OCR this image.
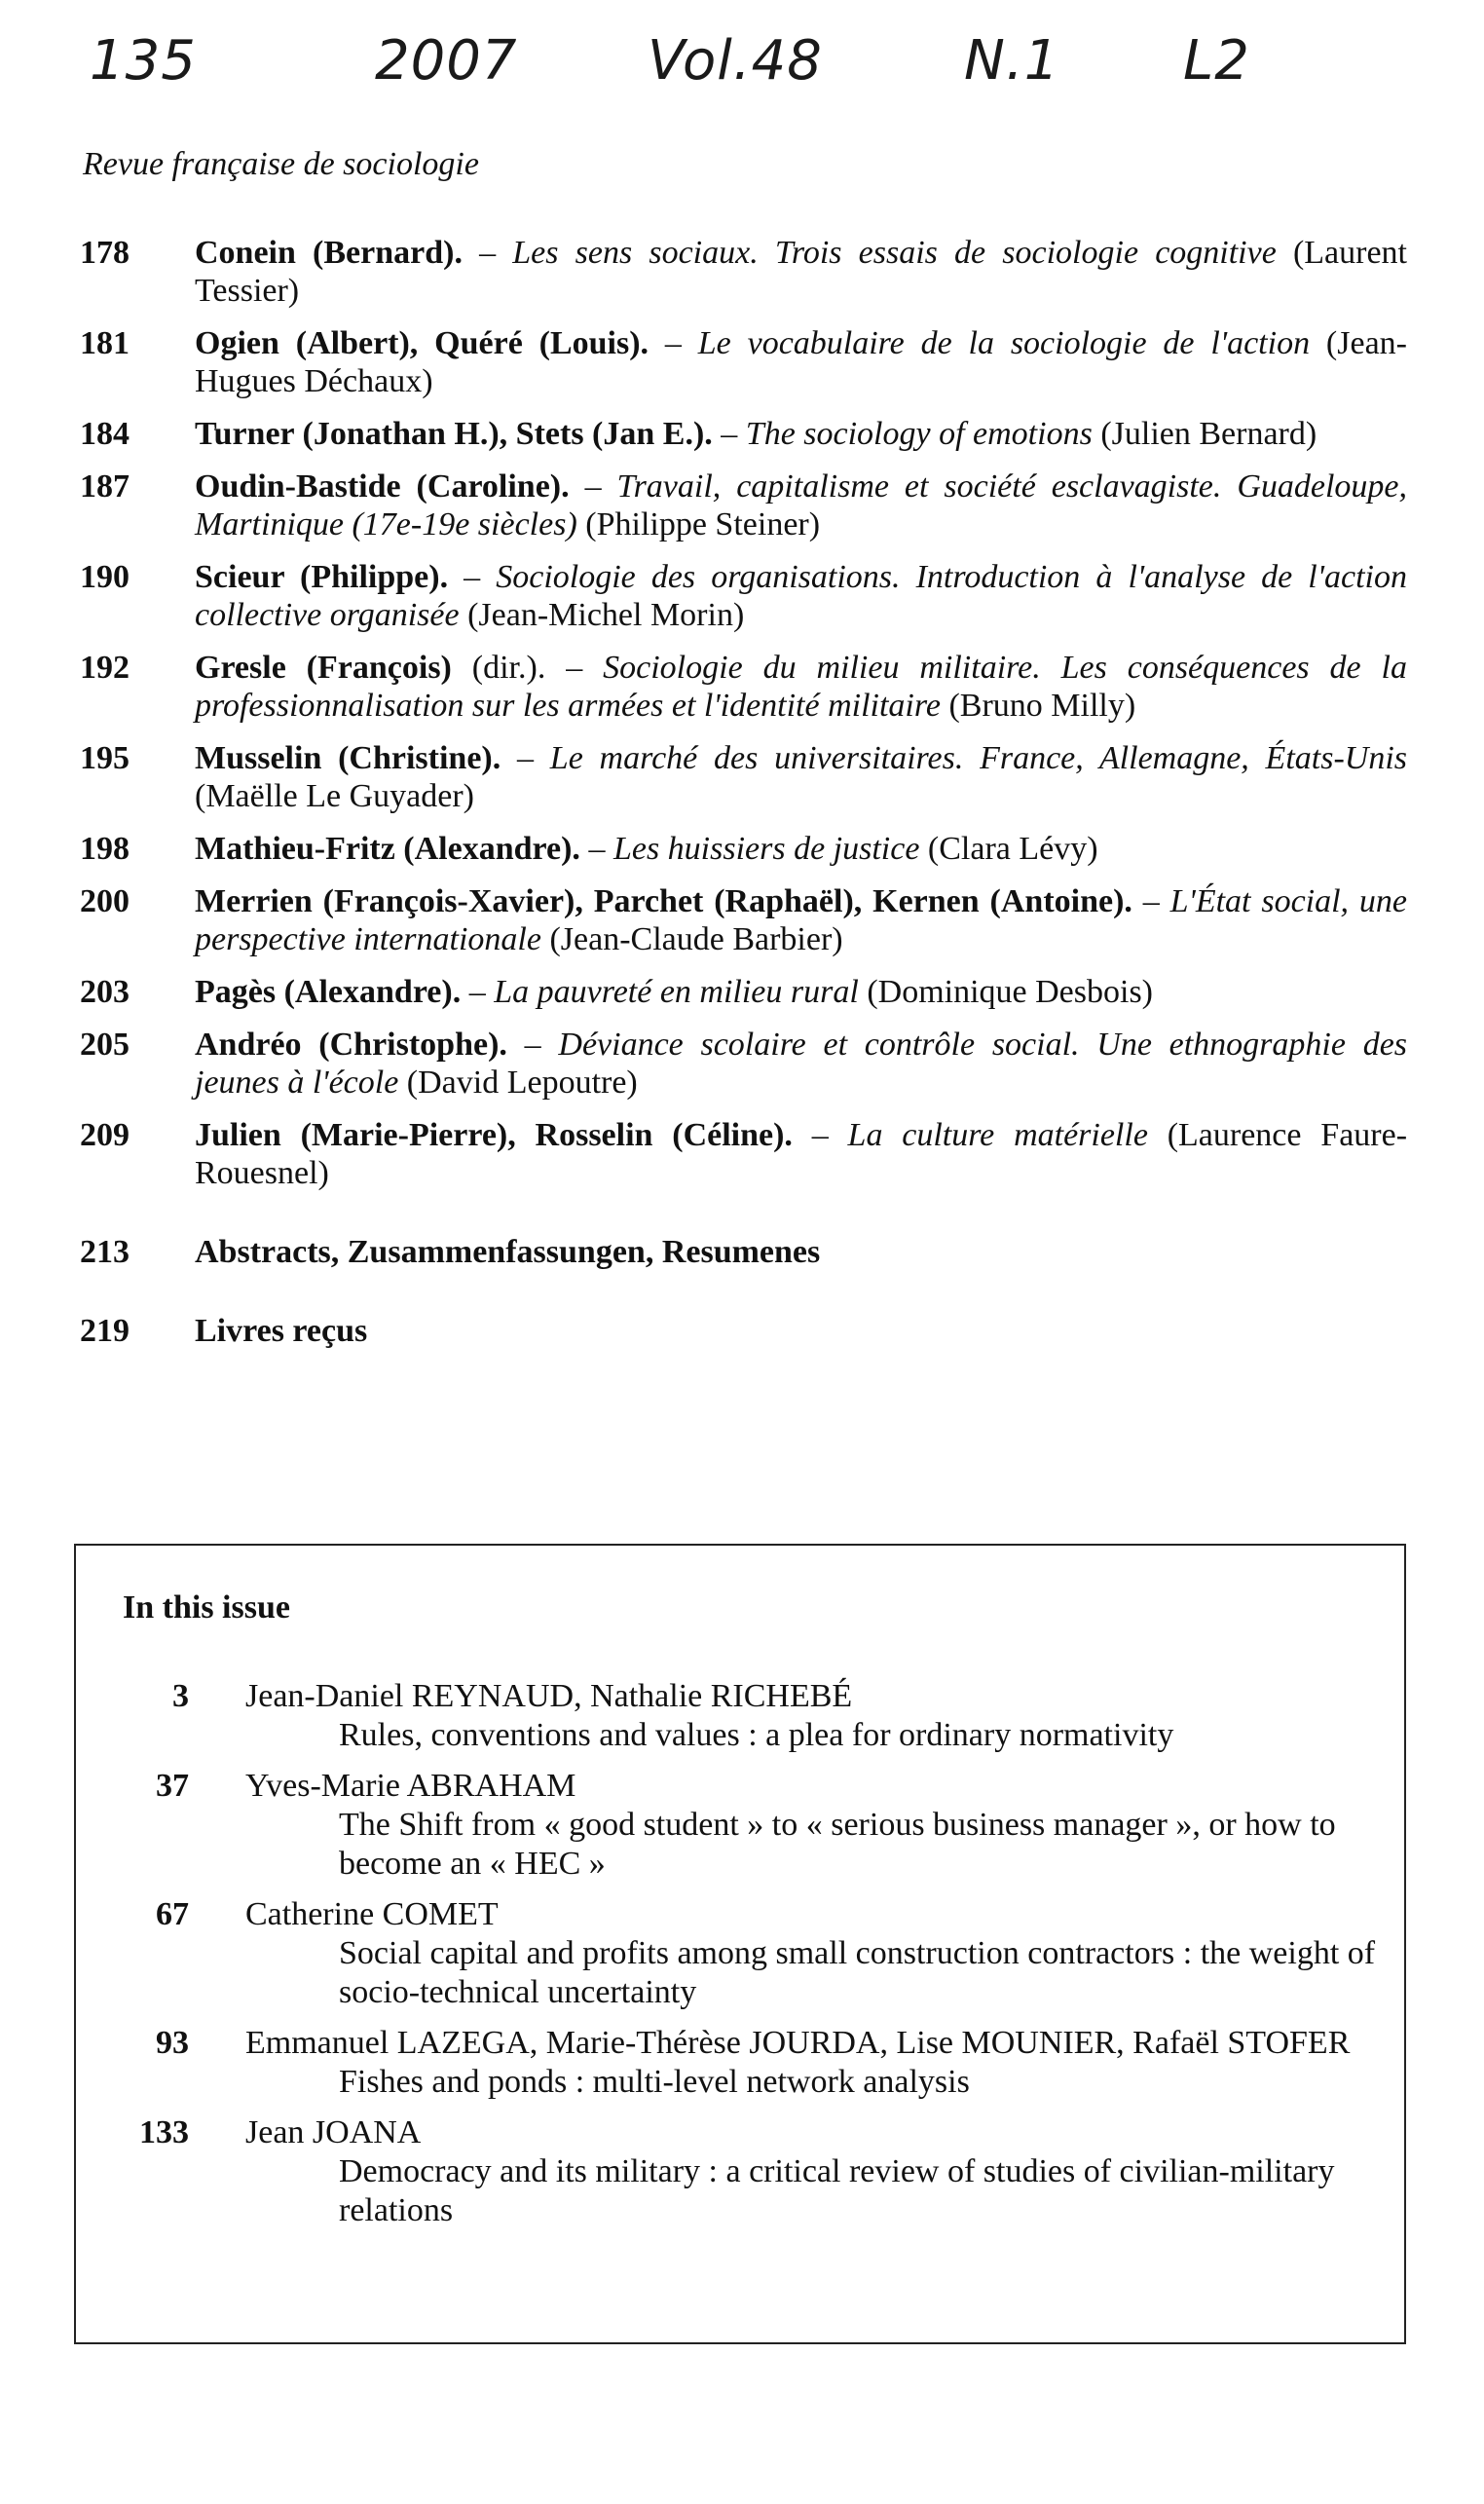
135	2007 Vol.48	N.1 L2
Revue française de sociologie
178	Conein (Bernard). – Les sens sociaux. Trois essais de sociologie cognitive (Laurent Tessier)
181	Ogien (Albert), Quéré (Louis). – Le vocabulaire de la sociologie de l'action (Jean-Hugues Déchaux)
184	Turner (Jonathan H.), Stets (Jan E.). – The sociology of emotions (Julien Bernard)
187	Oudin-Bastide (Caroline). – Travail, capitalisme et société esclavagiste. Guadeloupe, Martinique (17e-19e siècles) (Philippe Steiner)
190	Scieur (Philippe). – Sociologie des organisations. Introduction à l'analyse de l'action collective organisée (Jean-Michel Morin)
192	Gresle (François) (dir.). – Sociologie du milieu militaire. Les conséquences de la professionnalisation sur les armées et l'identité militaire (Bruno Milly)
195	Musselin (Christine). – Le marché des universitaires. France, Allemagne, États-Unis (Maëlle Le Guyader)
198	Mathieu-Fritz (Alexandre). – Les huissiers de justice (Clara Lévy)
200	Merrien (François-Xavier), Parchet (Raphaël), Kernen (Antoine). – L'État social, une perspective internationale (Jean-Claude Barbier)
203	Pagès (Alexandre). – La pauvreté en milieu rural (Dominique Desbois)
205	Andréo (Christophe). – Déviance scolaire et contrôle social. Une ethnographie des jeunes à l'école (David Lepoutre)
209	Julien (Marie-Pierre), Rosselin (Céline). – La culture matérielle (Laurence Faure-Rouesnel)
213	Abstracts, Zusammenfassungen, Resumenes
219	Livres reçus
In this issue
3	Jean-Daniel REYNAUD, Nathalie RICHEBÉ
Rules, conventions and values : a plea for ordinary normativity
37	Yves-Marie ABRAHAM
The Shift from « good student » to « serious business manager », or how to become an « HEC »
67	Catherine COMET
Social capital and profits among small construction contractors : the weight of socio-technical uncertainty
93	Emmanuel LAZEGA, Marie-Thérèse JOURDA, Lise MOUNIER, Rafaël STOFER
Fishes and ponds : multi-level network analysis
133	Jean JOANA
Democracy and its military : a critical review of studies of civilian-military relations
